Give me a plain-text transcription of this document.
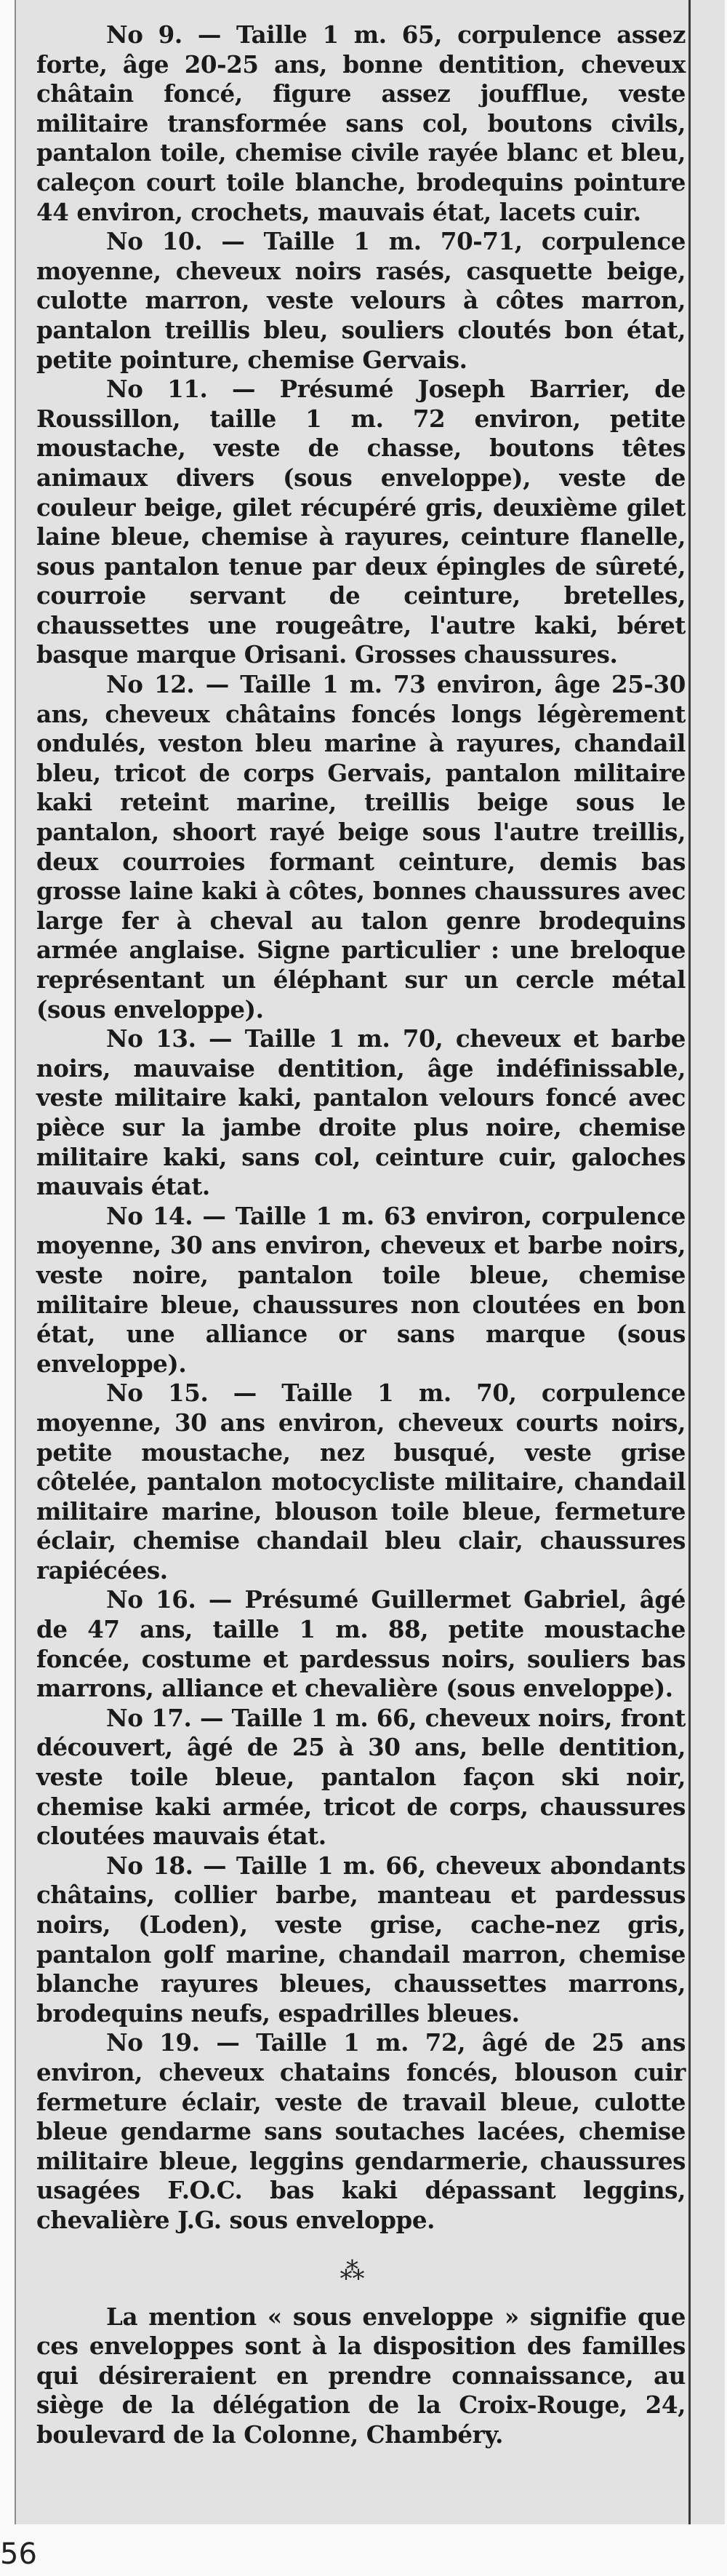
No 9. — Taille 1 m. 65, corpulence assez forte, âge 20-25 ans, bonne dentition, cheveux châtain foncé, figure assez joufflue, veste militaire transformée sans col, boutons civils, pantalon toile, chemise civile rayée blanc et bleu, caleçon court toile blanche, brodequins pointure 44 environ, crochets, mauvais état, lacets cuir.

No 10. — Taille 1 m. 70-71, corpulence moyenne, cheveux noirs rasés, casquette beige, culotte marron, veste velours à côtes marron, pantalon treillis bleu, souliers cloutés bon état, petite pointure, chemise Gervais.

No 11. — Présumé Joseph Barrier, de Roussillon, taille 1 m. 72 environ, petite moustache, veste de chasse, boutons têtes animaux divers (sous enveloppe), veste de couleur beige, gilet récupéré gris, deuxième gilet laine bleue, chemise à rayures, ceinture flanelle, sous pantalon tenue par deux épingles de sûreté, courroie servant de ceinture, bretelles, chaussettes une rougeâtre, l'autre kaki, béret basque marque Orisani. Grosses chaussures.

No 12. — Taille 1 m. 73 environ, âge 25-30 ans, cheveux châtains foncés longs légèrement ondulés, veston bleu marine à rayures, chandail bleu, tricot de corps Gervais, pantalon militaire kaki reteint marine, treillis beige sous le pantalon, shoort rayé beige sous l'autre treillis, deux courroies formant ceinture, demis bas grosse laine kaki à côtes, bonnes chaussures avec large fer à cheval au talon genre brodequins armée anglaise. Signe particulier : une breloque représentant un éléphant sur un cercle métal (sous enveloppe).

No 13. — Taille 1 m. 70, cheveux et barbe noirs, mauvaise dentition, âge indéfinissable, veste militaire kaki, pantalon velours foncé avec pièce sur la jambe droite plus noire, chemise militaire kaki, sans col, ceinture cuir, galoches mauvais état.

No 14. — Taille 1 m. 63 environ, corpulence moyenne, 30 ans environ, cheveux et barbe noirs, veste noire, pantalon toile bleue, chemise militaire bleue, chaussures non cloutées en bon état, une alliance or sans marque (sous enveloppe).

No 15. — Taille 1 m. 70, corpulence moyenne, 30 ans environ, cheveux courts noirs, petite moustache, nez busqué, veste grise côtelée, pantalon motocycliste militaire, chandail militaire marine, blouson toile bleue, fermeture éclair, chemise chandail bleu clair, chaussures rapiécées.

No 16. — Présumé Guillermet Gabriel, âgé de 47 ans, taille 1 m. 88, petite moustache foncée, costume et pardessus noirs, souliers bas marrons, alliance et chevalière (sous enveloppe).

No 17. — Taille 1 m. 66, cheveux noirs, front découvert, âgé de 25 à 30 ans, belle dentition, veste toile bleue, pantalon façon ski noir, chemise kaki armée, tricot de corps, chaussures cloutées mauvais état.

No 18. — Taille 1 m. 66, cheveux abondants châtains, collier barbe, manteau et pardessus noirs, (Loden), veste grise, cache-nez gris, pantalon golf marine, chandail marron, chemise blanche rayures bleues, chaussettes marrons, brodequins neufs, espadrilles bleues.

No 19. — Taille 1 m. 72, âgé de 25 ans environ, cheveux chatains foncés, blouson cuir fermeture éclair, veste de travail bleue, culotte bleue gendarme sans soutaches lacées, chemise militaire bleue, leggins gendarmerie, chaussures usagées F.O.C. bas kaki dépassant leggins, chevalière J.G. sous enveloppe.

⁂

La mention « sous enveloppe » signifie que ces enveloppes sont à la disposition des familles qui désireraient en prendre connaissance, au siège de la délégation de la Croix-Rouge, 24, boulevard de la Colonne, Chambéry.

56
